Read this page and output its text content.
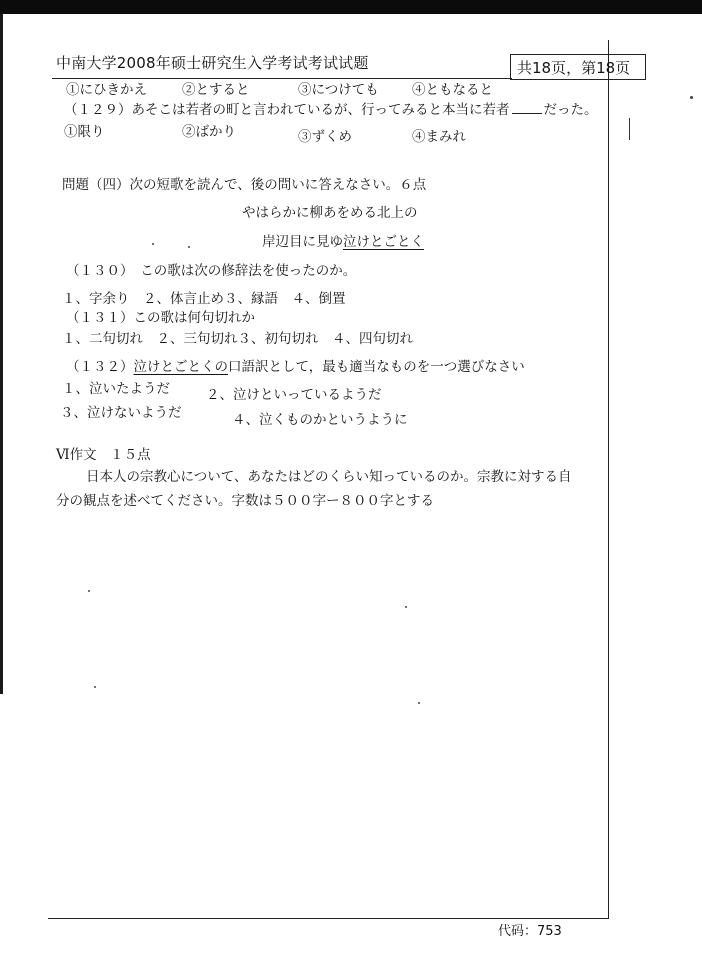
中南大学2008年硕士研究生入学考试考试试题	共18页，第18页
①にひきかえ	②とすると	③につけても ④ともなると
（１２９）あそこは若者の町と言われているが、行ってみると本当に若者	だった。
①限り	②ばかり	③ずくめ	④まみれ
問題（四）次の短歌を読んで、後の問いに答えなさい。６点
やはらかに柳あをめる北上の
岸辺目に見ゆ泣けとごとく
（１３０）　この歌は次の修辞法を使ったのか。
１、字余り　２、体言止め３、縁語　４、倒置
（１３１）この歌は何句切れか
１、二句切れ　２、三句切れ３、初句切れ　４、四句切れ
（１３２）泣けとごとくの口語訳として，最も適当なものを一つ選びなさい
１、泣いたようだ	２、泣けといっているようだ
３、泣けないようだ	４、泣くものかというように
Ⅵ作文　１５点
日本人の宗教心について、あなたはどのくらい知っているのか。宗教に対する自
分の観点を述べてください。字数は５００字ー８００字とする
代码：753
